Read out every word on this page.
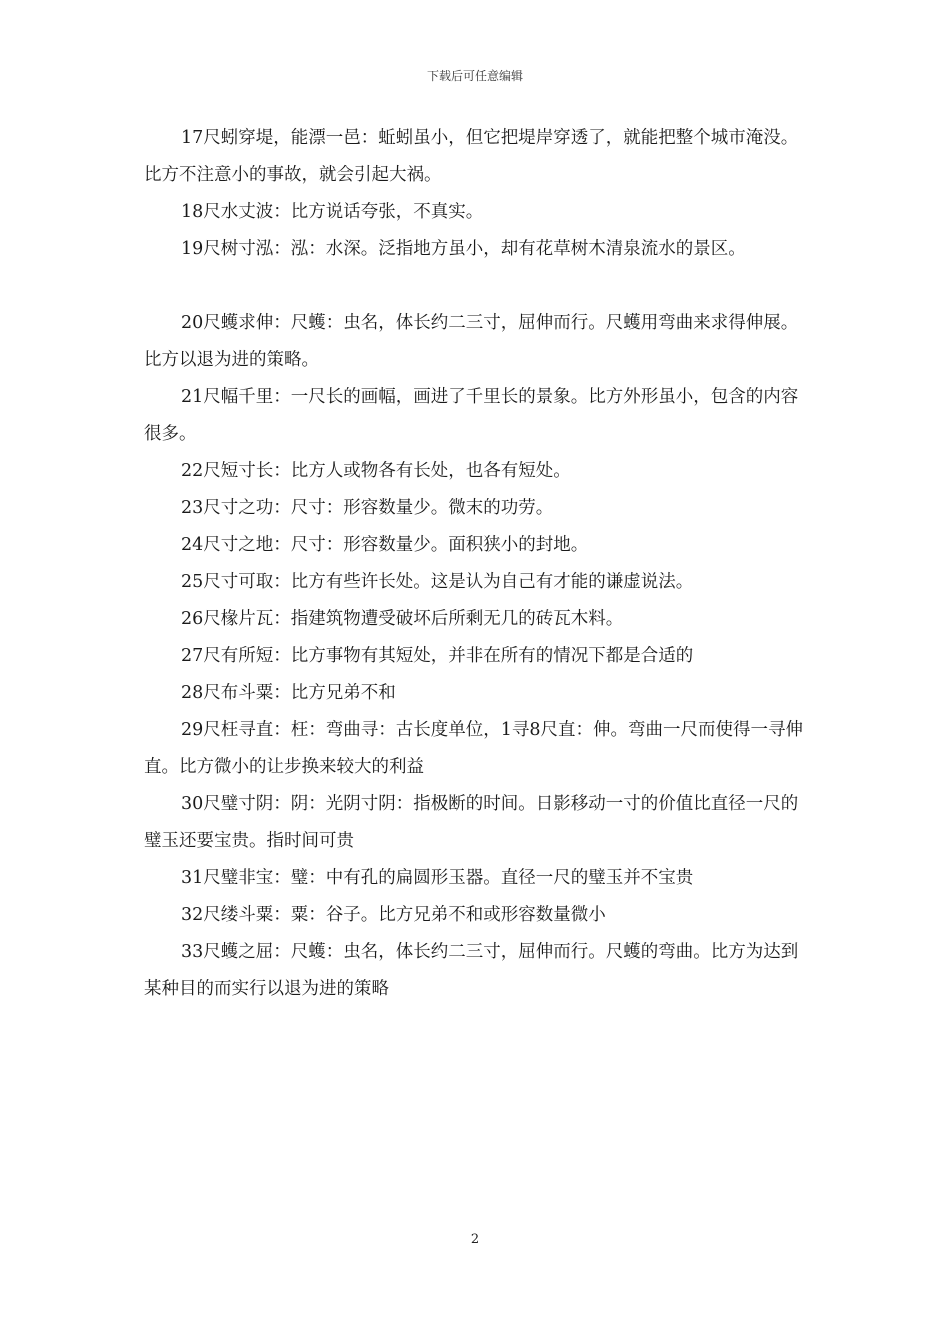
下载后可任意编辑

17尺蚓穿堤，能漂一邑：蚯蚓虽小，但它把堤岸穿透了，就能把整个城市淹没。比方不注意小的事故，就会引起大祸。

18尺水丈波：比方说话夸张，不真实。

19尺树寸泓：泓：水深。泛指地方虽小，却有花草树木清泉流水的景区。

20尺蠖求伸：尺蠖：虫名，体长约二三寸，屈伸而行。尺蠖用弯曲来求得伸展。比方以退为进的策略。

21尺幅千里：一尺长的画幅，画进了千里长的景象。比方外形虽小，包含的内容很多。

22尺短寸长：比方人或物各有长处，也各有短处。

23尺寸之功：尺寸：形容数量少。微末的功劳。

24尺寸之地：尺寸：形容数量少。面积狭小的封地。

25尺寸可取：比方有些许长处。这是认为自己有才能的谦虚说法。

26尺椽片瓦：指建筑物遭受破坏后所剩无几的砖瓦木料。

27尺有所短：比方事物有其短处，并非在所有的情况下都是合适的

28尺布斗粟：比方兄弟不和

29尺枉寻直：枉：弯曲寻：古长度单位，1寻8尺直：伸。弯曲一尺而使得一寻伸直。比方微小的让步换来较大的利益

30尺璧寸阴：阴：光阴寸阴：指极断的时间。日影移动一寸的价值比直径一尺的璧玉还要宝贵。指时间可贵

31尺璧非宝：璧：中有孔的扁圆形玉器。直径一尺的璧玉并不宝贵

32尺缕斗粟：粟：谷子。比方兄弟不和或形容数量微小

33尺蠖之屈：尺蠖：虫名，体长约二三寸，屈伸而行。尺蠖的弯曲。比方为达到某种目的而实行以退为进的策略

2
